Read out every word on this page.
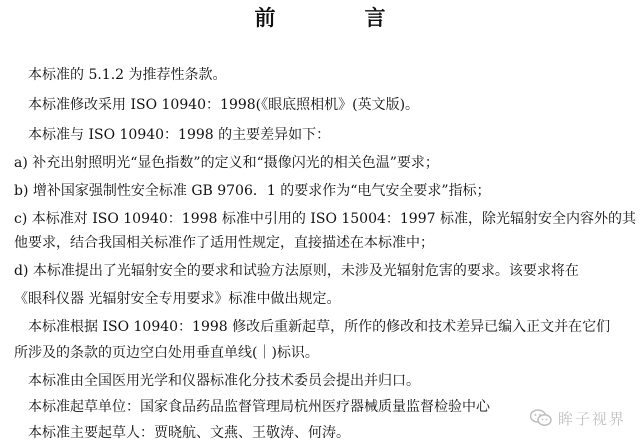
前　言
本标准的 5.1.2 为推荐性条款。
本标准修改采用 ISO 10940：1998(《眼底照相机》(英文版)。
本标准与 ISO 10940：1998 的主要差异如下：
a) 补充出射照明光“显色指数”的定义和“摄像闪光的相关色温”要求；
b) 增补国家强制性安全标准 GB 9706．1 的要求作为“电气安全要求”指标；
c) 本标准对 ISO 10940：1998 标准中引用的 ISO 15004：1997 标准，除光辐射安全内容外的其
他要求，结合我国相关标准作了适用性规定，直接描述在本标准中；
d) 本标准提出了光辐射安全的要求和试验方法原则，未涉及光辐射危害的要求。该要求将在
《眼科仪器 光辐射安全专用要求》标准中做出规定。
本标准根据 ISO 10940：1998 修改后重新起草，所作的修改和技术差异已编入正文并在它们
所涉及的条款的页边空白处用垂直单线(｜)标识。
本标准由全国医用光学和仪器标准化分技术委员会提出并归口。
本标准起草单位：国家食品药品监督管理局杭州医疗器械质量监督检验中心
本标准主要起草人：贾晓航、文燕、王敬涛、何涛。
眸子视界
